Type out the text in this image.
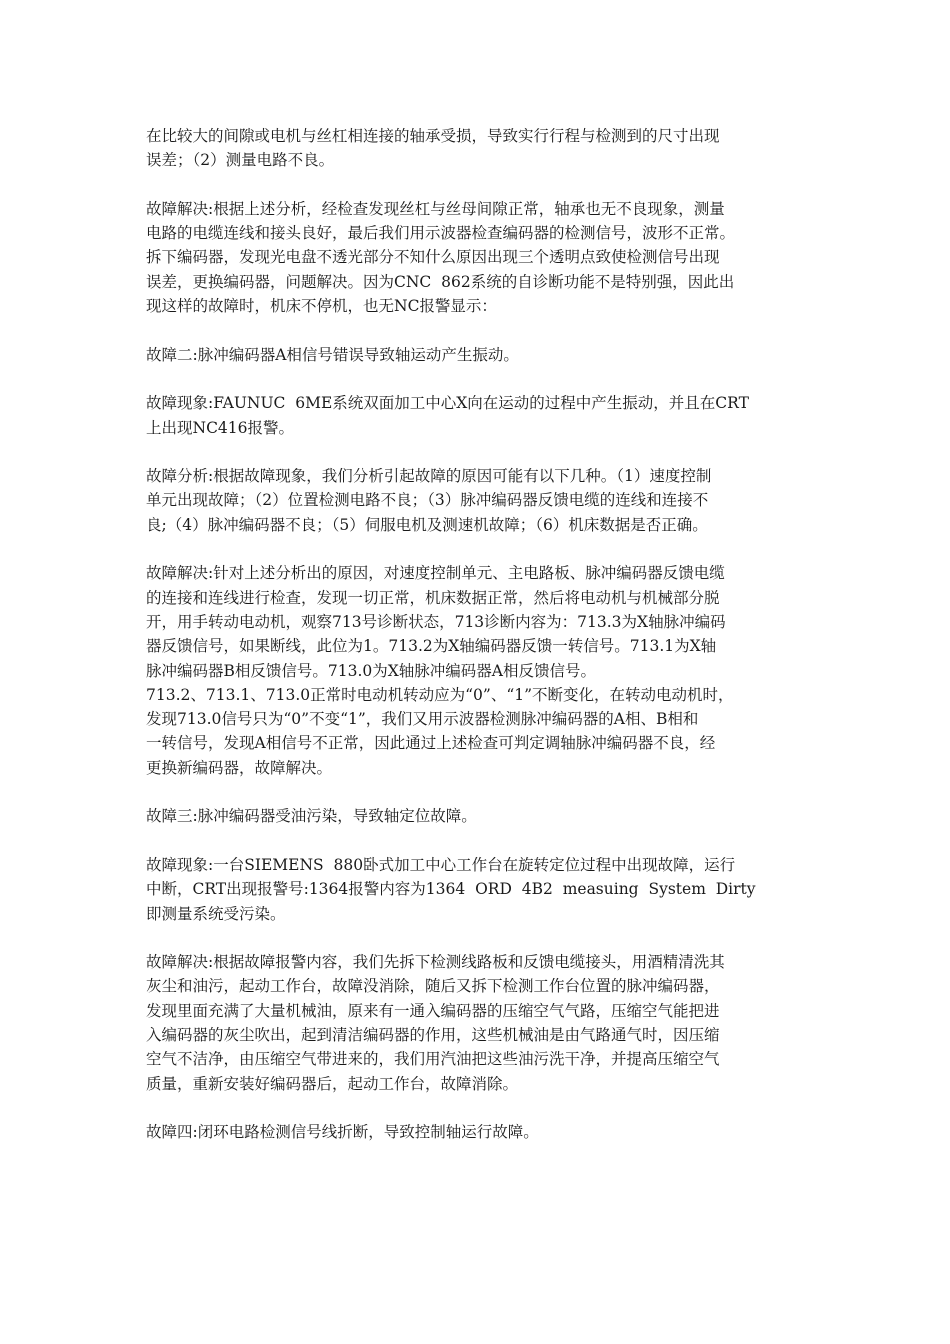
在比较大的间隙或电机与丝杠相连接的轴承受损，导致实行行程与检测到的尺寸出现
误差；（2）测量电路不良。
故障解决:根据上述分析，经检查发现丝杠与丝母间隙正常，轴承也无不良现象，测量
电路的电缆连线和接头良好，最后我们用示波器检查编码器的检测信号，波形不正常。
拆下编码器，发现光电盘不透光部分不知什么原因出现三个透明点致使检测信号出现
误差，更换编码器，问题解决。因为CNC  862系统的自诊断功能不是特别强，因此出
现这样的故障时，机床不停机，也无NC报警显示：
故障二:脉冲编码器A相信号错误导致轴运动产生振动。
故障现象:FAUNUC  6ME系统双面加工中心X向在运动的过程中产生振动，并且在CRT
上出现NC416报警。
故障分析:根据故障现象，我们分析引起故障的原因可能有以下几种。（1）速度控制
单元出现故障；（2）位置检测电路不良；（3）脉冲编码器反馈电缆的连线和连接不
良;（4）脉冲编码器不良；（5）伺服电机及测速机故障；（6）机床数据是否正确。
故障解决:针对上述分析出的原因，对速度控制单元、主电路板、脉冲编码器反馈电缆
的连接和连线进行检查，发现一切正常，机床数据正常，然后将电动机与机械部分脱
开，用手转动电动机，观察713号诊断状态，713诊断内容为：713.3为X轴脉冲编码
器反馈信号，如果断线，此位为1。713.2为X轴编码器反馈一转信号。713.1为X轴
脉冲编码器B相反馈信号。713.0为X轴脉冲编码器A相反馈信号。
713.2、713.1、713.0正常时电动机转动应为“0”、“1”不断变化，在转动电动机时，
发现713.0信号只为“0”不变“1”，我们又用示波器检测脉冲编码器的A相、B相和
一转信号，发现A相信号不正常，因此通过上述检查可判定调轴脉冲编码器不良，经
更换新编码器，故障解决。
故障三:脉冲编码器受油污染，导致轴定位故障。
故障现象:一台SIEMENS  880卧式加工中心工作台在旋转定位过程中出现故障，运行
中断，CRT出现报警号:1364报警内容为1364  ORD  4B2  measuing  System  Dirty
即测量系统受污染。
故障解决:根据故障报警内容，我们先拆下检测线路板和反馈电缆接头，用酒精清洗其
灰尘和油污，起动工作台，故障没消除，随后又拆下检测工作台位置的脉冲编码器，
发现里面充满了大量机械油，原来有一通入编码器的压缩空气气路，压缩空气能把进
入编码器的灰尘吹出，起到清洁编码器的作用，这些机械油是由气路通气时，因压缩
空气不洁净，由压缩空气带进来的，我们用汽油把这些油污洗干净，并提高压缩空气
质量，重新安装好编码器后，起动工作台，故障消除。
故障四:闭环电路检测信号线折断，导致控制轴运行故障。
